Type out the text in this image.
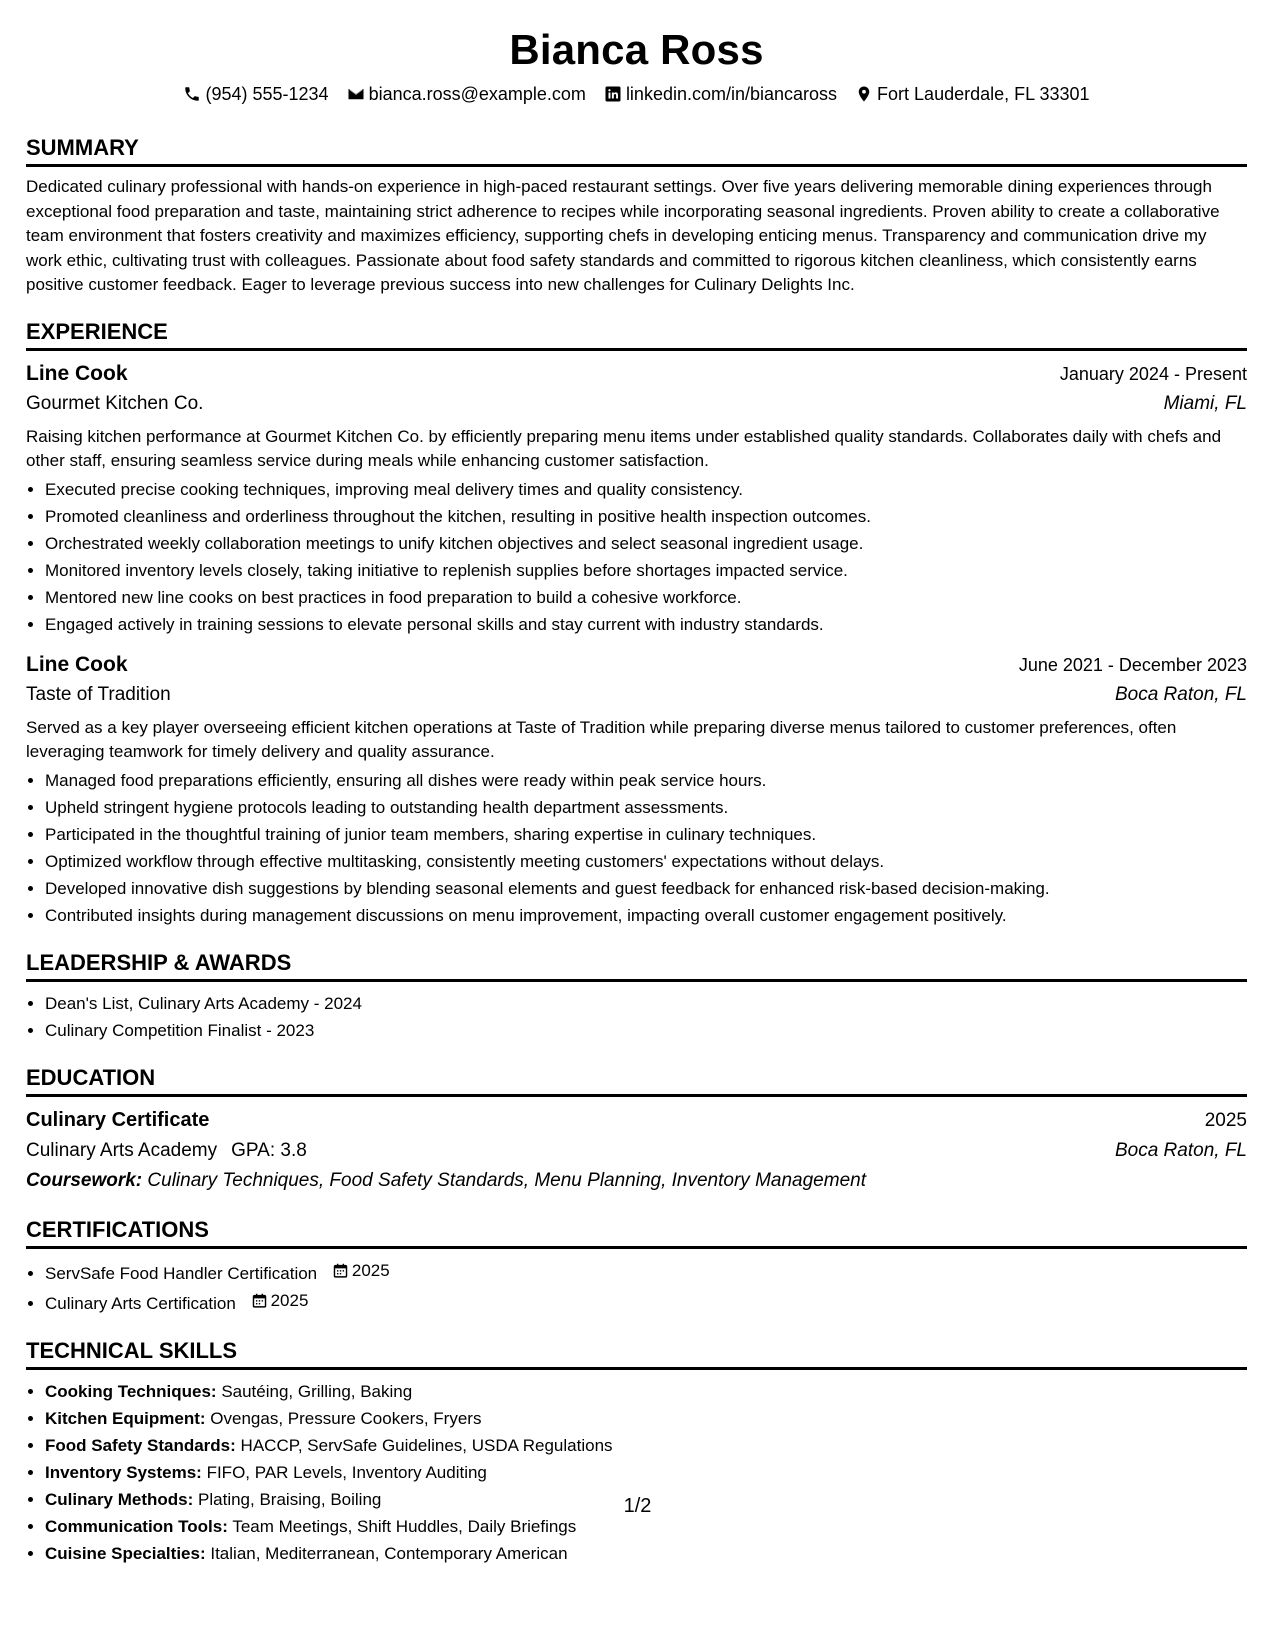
Bianca Ross
(954) 555-1234 bianca.ross@example.com linkedin.com/in/biancaross Fort Lauderdale, FL 33301
SUMMARY

Dedicated culinary professional with hands-on experience in high-paced restaurant settings. Over five years delivering memorable dining experiences through exceptional food preparation and taste, maintaining strict adherence to recipes while incorporating seasonal ingredients. Proven ability to create a collaborative team environment that fosters creativity and maximizes efficiency, supporting chefs in developing enticing menus. Transparency and communication drive my work ethic, cultivating trust with colleagues. Passionate about food safety standards and committed to rigorous kitchen cleanliness, which consistently earns positive customer feedback. Eager to leverage previous success into new challenges for Culinary Delights Inc.

EXPERIENCE
Line Cook	January 2024 - Present
Gourmet Kitchen Co.	Miami, FL

Raising kitchen performance at Gourmet Kitchen Co. by efficiently preparing menu items under established quality standards. Collaborates daily with chefs and other staff, ensuring seamless service during meals while enhancing customer satisfaction.

• Executed precise cooking techniques, improving meal delivery times and quality consistency.
• Promoted cleanliness and orderliness throughout the kitchen, resulting in positive health inspection outcomes.
• Orchestrated weekly collaboration meetings to unify kitchen objectives and select seasonal ingredient usage.
• Monitored inventory levels closely, taking initiative to replenish supplies before shortages impacted service.
• Mentored new line cooks on best practices in food preparation to build a cohesive workforce.
• Engaged actively in training sessions to elevate personal skills and stay current with industry standards.
Line Cook	June 2021 - December 2023
Taste of Tradition	Boca Raton, FL

Served as a key player overseeing efficient kitchen operations at Taste of Tradition while preparing diverse menus tailored to customer preferences, often leveraging teamwork for timely delivery and quality assurance.

• Managed food preparations efficiently, ensuring all dishes were ready within peak service hours.
• Upheld stringent hygiene protocols leading to outstanding health department assessments.
• Participated in the thoughtful training of junior team members, sharing expertise in culinary techniques.
• Optimized workflow through effective multitasking, consistently meeting customers' expectations without delays.
• Developed innovative dish suggestions by blending seasonal elements and guest feedback for enhanced risk-based decision-making.
• Contributed insights during management discussions on menu improvement, impacting overall customer engagement positively.
LEADERSHIP & AWARDS
• Dean's List, Culinary Arts Academy - 2024
• Culinary Competition Finalist - 2023
EDUCATION
Culinary Certificate	2025
Culinary Arts Academy GPA: 3.8	Boca Raton, FL
Coursework: Culinary Techniques, Food Safety Standards, Menu Planning, Inventory Management
CERTIFICATIONS
• ServSafe Food Handler Certification 2025
• Culinary Arts Certification 2025
TECHNICAL SKILLS
• Cooking Techniques: Sautéing, Grilling, Baking
• Kitchen Equipment: Ovengas, Pressure Cookers, Fryers
• Food Safety Standards: HACCP, ServSafe Guidelines, USDA Regulations
• Inventory Systems: FIFO, PAR Levels, Inventory Auditing
• Culinary Methods: Plating, Braising, Boiling
• Communication Tools: Team Meetings, Shift Huddles, Daily Briefings
• Cuisine Specialties: Italian, Mediterranean, Contemporary American
1/2
